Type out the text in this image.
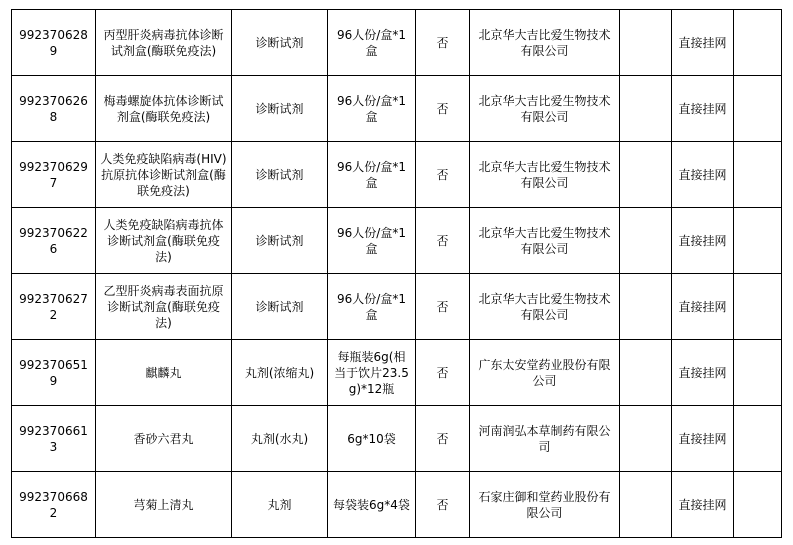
9923706289	丙型肝炎病毒抗体诊断试剂盒(酶联免疫法)	诊断试剂	96人份/盒*1盒	否	北京华大吉比爱生物技术有限公司		直接挂网	
9923706268	梅毒螺旋体抗体诊断试剂盒(酶联免疫法)	诊断试剂	96人份/盒*1盒	否	北京华大吉比爱生物技术有限公司		直接挂网	
9923706297	人类免疫缺陷病毒(HIV)抗原抗体诊断试剂盒(酶联免疫法)	诊断试剂	96人份/盒*1盒	否	北京华大吉比爱生物技术有限公司		直接挂网	
9923706226	人类免疫缺陷病毒抗体诊断试剂盒(酶联免疫法)	诊断试剂	96人份/盒*1盒	否	北京华大吉比爱生物技术有限公司		直接挂网	
9923706272	乙型肝炎病毒表面抗原诊断试剂盒(酶联免疫法)	诊断试剂	96人份/盒*1盒	否	北京华大吉比爱生物技术有限公司		直接挂网	
9923706519	麒麟丸	丸剂(浓缩丸)	每瓶装6g(相当于饮片23.5g)*12瓶	否	广东太安堂药业股份有限公司		直接挂网	
9923706613	香砂六君丸	丸剂(水丸)	6g*10袋	否	河南润弘本草制药有限公司		直接挂网	
9923706682	芎菊上清丸	丸剂	每袋装6g*4袋	否	石家庄御和堂药业股份有限公司		直接挂网	
